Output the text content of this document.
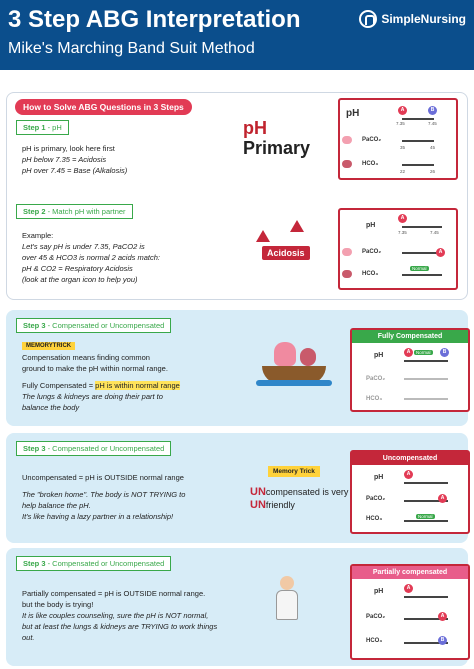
3 Step ABG Interpretation
Mike's Marching Band Suit Method
SimpleNursing
How to Solve ABG Questions in 3 Steps
Step 1 - pH
pH is primary, look here first
pH below 7.35 = Acidosis
pH over 7.45 = Base (Alkalosis)
pH
Primary
pH	A	B
7.35	7.45
PaCO₂
35	45
HCO₃
22	26
Step 2 - Match pH with partner
Example:
Let's say pH is under 7.35, PaCO2 is
over 45 & HCO3 is normal 2 acids match:
pH & CO2 = Respiratory Acidosis
(look at the organ icon to help you)
Acidosis
pH
A
7.35	7.45
PaCO₂	A
HCO₃
Normal
Step 3 - Compensated or Uncompensated
MEMORYTRICK
Compensation means finding common
ground to make the pH within normal range.
Fully Compensated = pH is within normal range
The lungs & kidneys are doing their part to
balance the body
Fully Compensated
pH	A	Normal	B
PaCO₂
HCO₃
Step 3 - Compensated or Uncompensated
Uncompensated = pH is OUTSIDE normal range
The "broken home". The body is NOT TRYING to
help balance the pH.
It's like having a lazy partner in a relationship!
Memory Trick
UNcompensated is very
UNfriendly
Uncompensated
pH	A
PaCO₂	A
HCO₃	Normal
Step 3 - Compensated or Uncompensated
Partially compensated = pH is OUTSIDE normal range.
but the body is trying!
It is like couples counseling, sure the pH is NOT normal,
but at least the lungs & kidneys are TRYING to work things
out.
Partially compensated
pH	A
PaCO₂	A
HCO₃	B
